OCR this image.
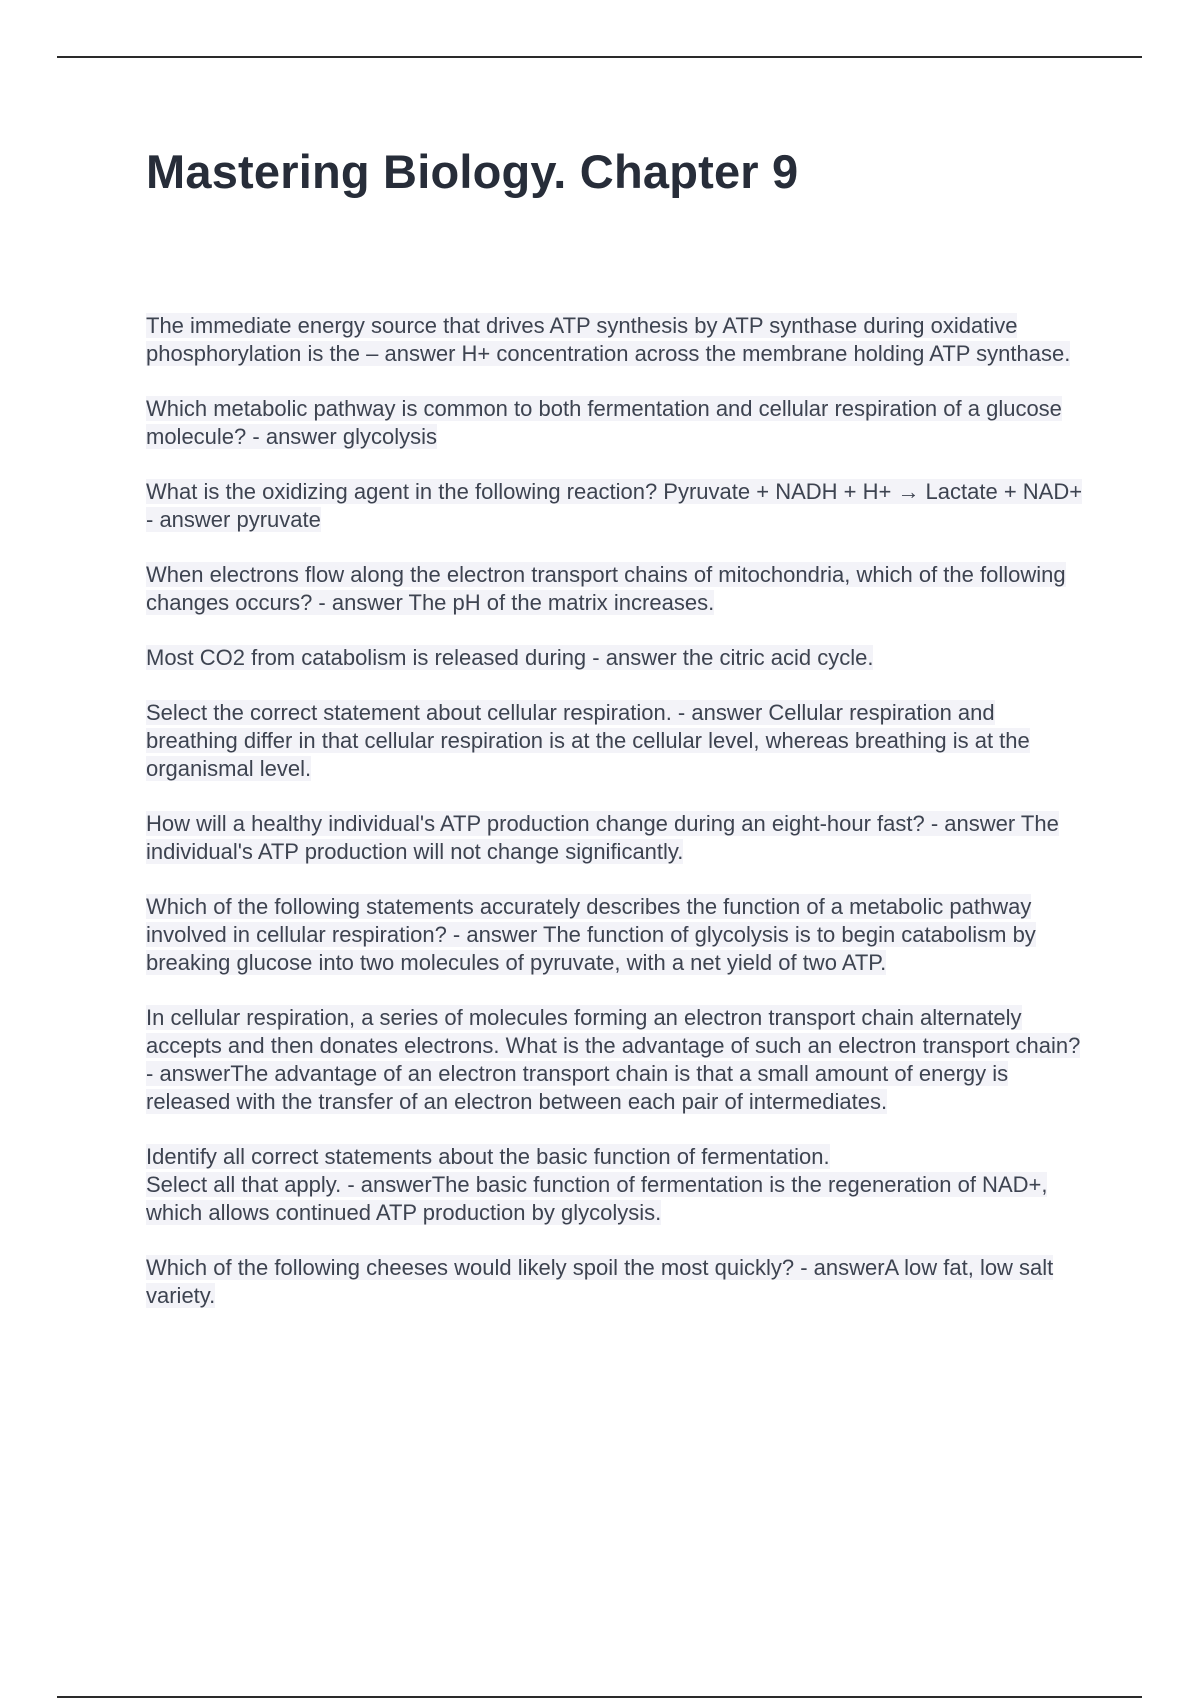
Mastering Biology. Chapter 9

The immediate energy source that drives ATP synthesis by ATP synthase during oxidative phosphorylation is the – answer H+ concentration across the membrane holding ATP synthase.

Which metabolic pathway is common to both fermentation and cellular respiration of a glucose molecule? - answer glycolysis

What is the oxidizing agent in the following reaction? Pyruvate + NADH + H+ → Lactate + NAD+ - answer pyruvate

When electrons flow along the electron transport chains of mitochondria, which of the following changes occurs? - answer The pH of the matrix increases.

Most CO2 from catabolism is released during - answer the citric acid cycle.

Select the correct statement about cellular respiration. - answer Cellular respiration and breathing differ in that cellular respiration is at the cellular level, whereas breathing is at the organismal level.

How will a healthy individual's ATP production change during an eight-hour fast? - answer The individual's ATP production will not change significantly.

Which of the following statements accurately describes the function of a metabolic pathway involved in cellular respiration? - answer The function of glycolysis is to begin catabolism by breaking glucose into two molecules of pyruvate, with a net yield of two ATP.

In cellular respiration, a series of molecules forming an electron transport chain alternately accepts and then donates electrons. What is the advantage of such an electron transport chain? - answerThe advantage of an electron transport chain is that a small amount of energy is released with the transfer of an electron between each pair of intermediates.

Identify all correct statements about the basic function of fermentation.
Select all that apply. - answerThe basic function of fermentation is the regeneration of NAD+, which allows continued ATP production by glycolysis.

Which of the following cheeses would likely spoil the most quickly? - answerA low fat, low salt variety.
